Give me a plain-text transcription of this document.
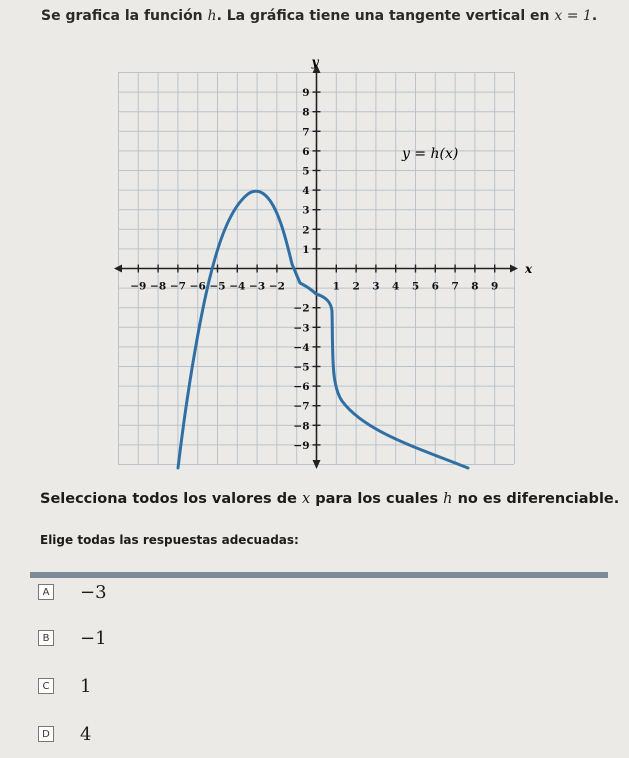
Se grafica la función h. La gráfica tiene una tangente vertical en x = 1.
−9 −8 −7 −6 −5 −4 −3 −2	1 2 3 4 5 6 7 8 9
9
8
7
6
5
4
3
2
1
−2
−3
−4
−5
−6
−7
−8
−9
y
x
y = h(x)
Selecciona todos los valores de x para los cuales h no es diferenciable.
Elige todas las respuestas adecuadas:
A −3
B −1
C 1
D 4
